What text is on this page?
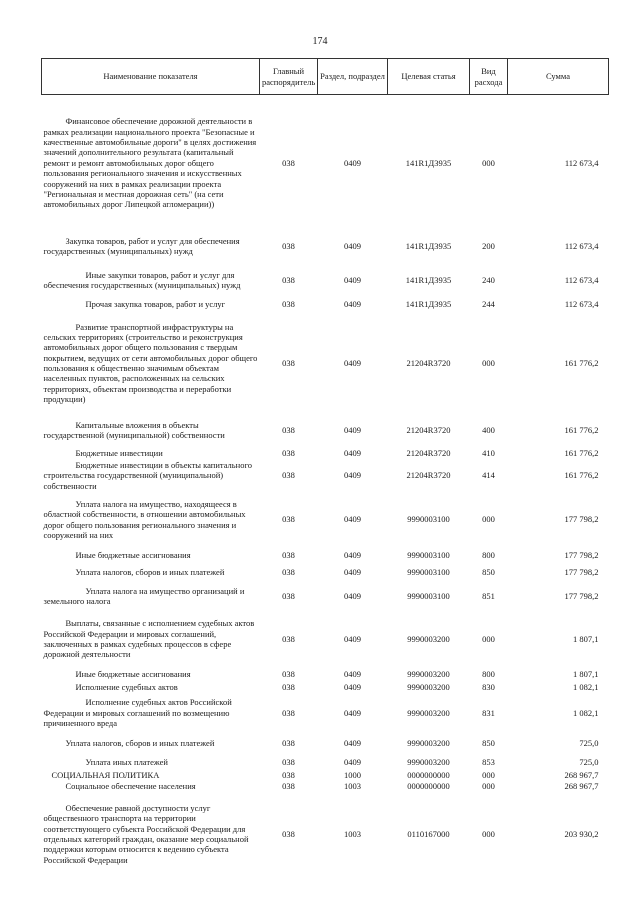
174
Наименование показателя	Главный распорядитель	Раздел, подраздел	Целевая статья	Вид расхода	Сумма

Финансовое обеспечение дорожной деятельности в рамках реализации национального проекта "Безопасные и качественные автомобильные дороги" в целях достижения значений дополнительного результата (капитальный ремонт и ремонт автомобильных дорог общего пользования регионального значения и искусственных сооружений на них в рамках реализации проекта "Региональная и местная дорожная сеть" (на сети автомобильных дорог Липецкой агломерации))	038	0409	141R1Д3935	000	112 673,4
Закупка товаров, работ и услуг для обеспечения государственных (муниципальных) нужд	038	0409	141R1Д3935	200	112 673,4
Иные закупки товаров, работ и услуг для обеспечения государственных (муниципальных) нужд	038	0409	141R1Д3935	240	112 673,4
Прочая закупка товаров, работ и услуг	038	0409	141R1Д3935	244	112 673,4
Развитие транспортной инфраструктуры на сельских территориях (строительство и реконструкция автомобильных дорог общего пользования с твердым покрытием, ведущих от сети автомобильных дорог общего пользования к общественно значимым объектам населенных пунктов, расположенных на сельских территориях, объектам производства и переработки продукции)	038	0409	21204R3720	000	161 776,2
Капитальные вложения в объекты государственной (муниципальной) собственности	038	0409	21204R3720	400	161 776,2
Бюджетные инвестиции	038	0409	21204R3720	410	161 776,2
Бюджетные инвестиции в объекты капитального строительства государственной (муниципальной) собственности	038	0409	21204R3720	414	161 776,2
Уплата налога на имущество, находящееся в областной собственности, в отношении автомобильных дорог общего пользования регионального значения и сооружений на них	038	0409	9990003100	000	177 798,2
Иные бюджетные ассигнования	038	0409	9990003100	800	177 798,2
Уплата налогов, сборов и иных платежей	038	0409	9990003100	850	177 798,2
Уплата налога на имущество организаций и земельного налога	038	0409	9990003100	851	177 798,2
Выплаты, связанные с исполнением судебных актов Российской Федерации и мировых соглашений, заключенных в рамках судебных процессов в сфере дорожной деятельности	038	0409	9990003200	000	1 807,1
Иные бюджетные ассигнования	038	0409	9990003200	800	1 807,1
Исполнение судебных актов	038	0409	9990003200	830	1 082,1
Исполнение судебных актов Российской Федерации и мировых соглашений по возмещению причиненного вреда	038	0409	9990003200	831	1 082,1
Уплата налогов, сборов и иных платежей	038	0409	9990003200	850	725,0
Уплата иных платежей	038	0409	9990003200	853	725,0
СОЦИАЛЬНАЯ ПОЛИТИКА	038	1000	0000000000	000	268 967,7
Социальное обеспечение населения	038	1003	0000000000	000	268 967,7
Обеспечение равной доступности услуг общественного транспорта на территории соответствующего субъекта Российской Федерации для отдельных категорий граждан, оказание мер социальной поддержки которым относится к ведению субъекта Российской Федерации	038	1003	0110167000	000	203 930,2
